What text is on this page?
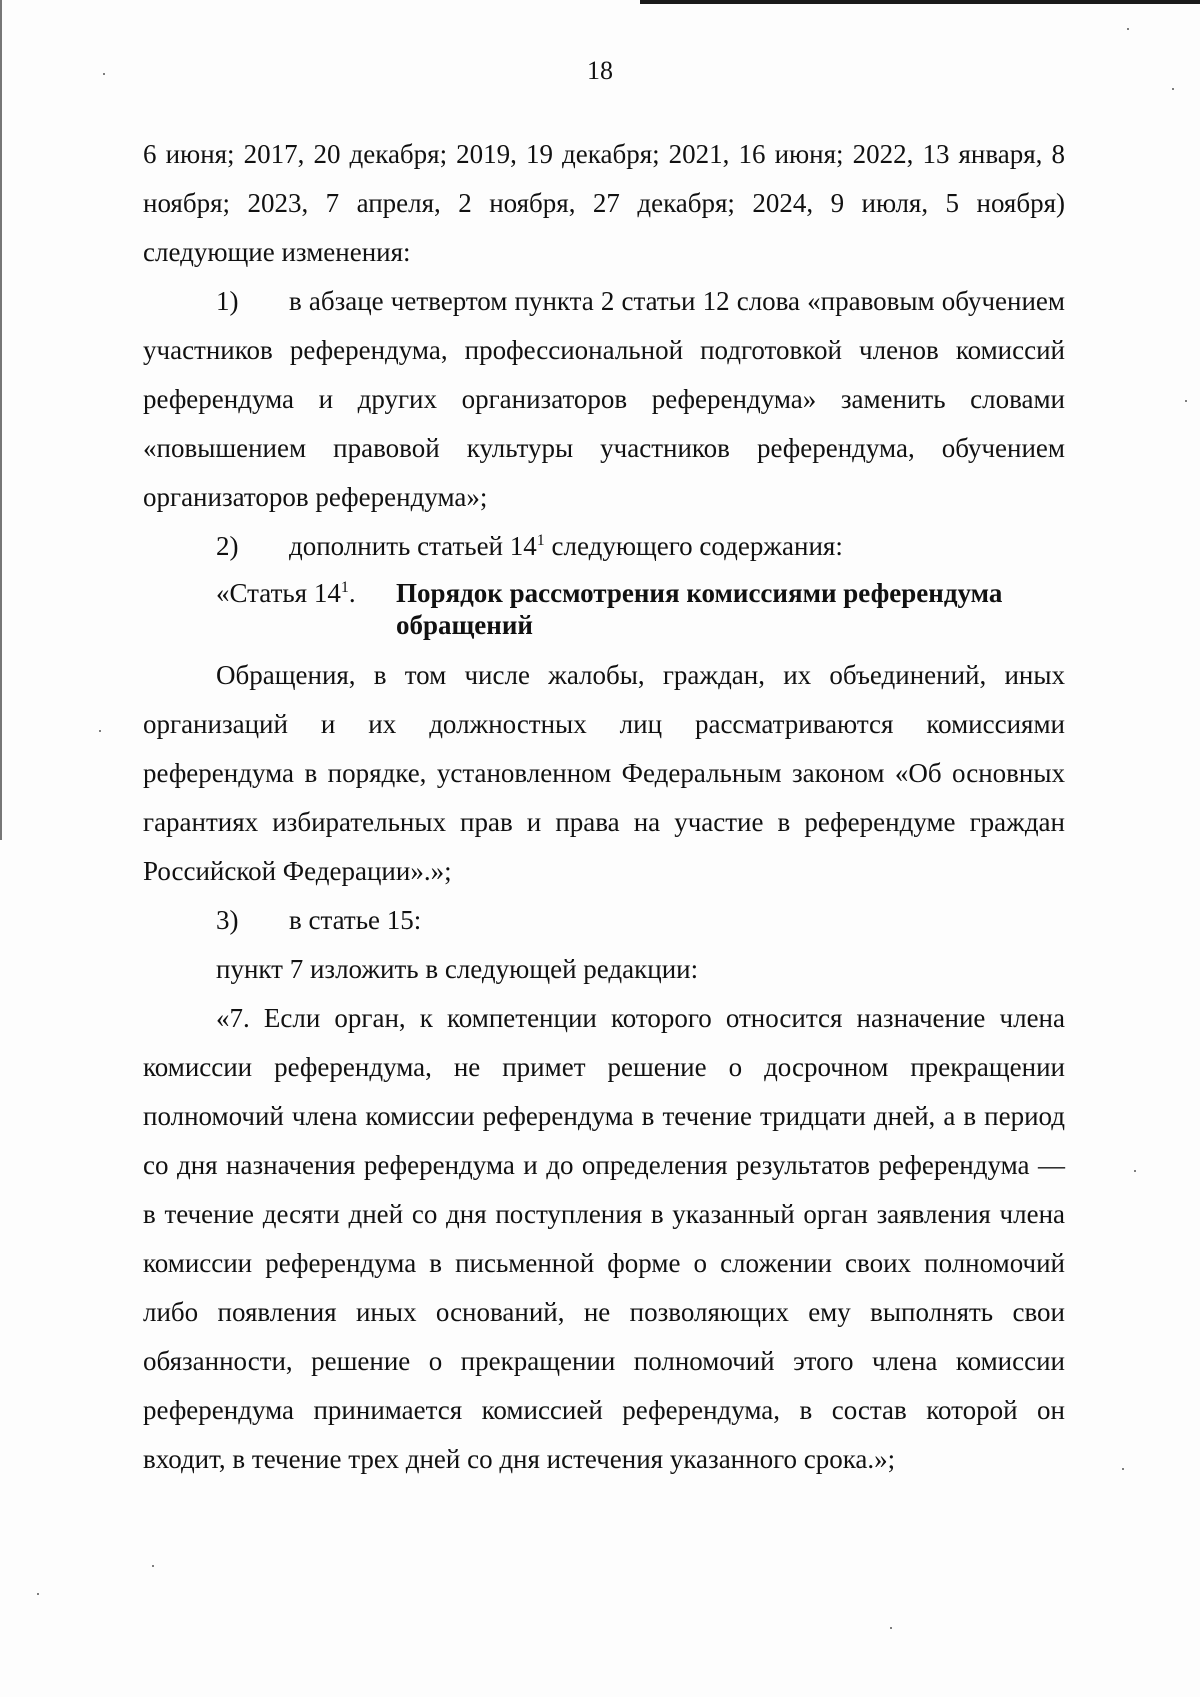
18

6 июня; 2017, 20 декабря; 2019, 19 декабря; 2021, 16 июня; 2022, 13 января, 8 ноября; 2023, 7 апреля, 2 ноября, 27 декабря; 2024, 9 июля, 5 ноября) следующие изменения:

1) в абзаце четвертом пункта 2 статьи 12 слова «правовым обучением участников референдума, профессиональной подготовкой членов комиссий референдума и других организаторов референдума» заменить словами «повышением правовой культуры участников референдума, обучением организаторов референдума»;

2)	дополнить статьей $14^1$ следующего содержания:

«Статья $14^1$.	Порядок рассмотрения комиссиями референдума обращений

Обращения, в том числе жалобы, граждан, их объединений, иных организаций и их должностных лиц рассматриваются комиссиями референдума в порядке, установленном Федеральным законом «Об основных гарантиях избирательных прав и права на участие в референдуме граждан Российской Федерации».»;

3)	в статье 15:

пункт 7 изложить в следующей редакции:

«7. Если орган, к компетенции которого относится назначение члена комиссии референдума, не примет решение о досрочном прекращении полномочий члена комиссии референдума в течение тридцати дней, а в период со дня назначения референдума и до определения результатов референдума — в течение десяти дней со дня поступления в указанный орган заявления члена комиссии референдума в письменной форме о сложении своих полномочий либо появления иных оснований, не позволяющих ему выполнять свои обязанности, решение о прекращении полномочий этого члена комиссии референдума принимается комиссией референдума, в состав которой он входит, в течение трех дней со дня истечения указанного срока.»;
